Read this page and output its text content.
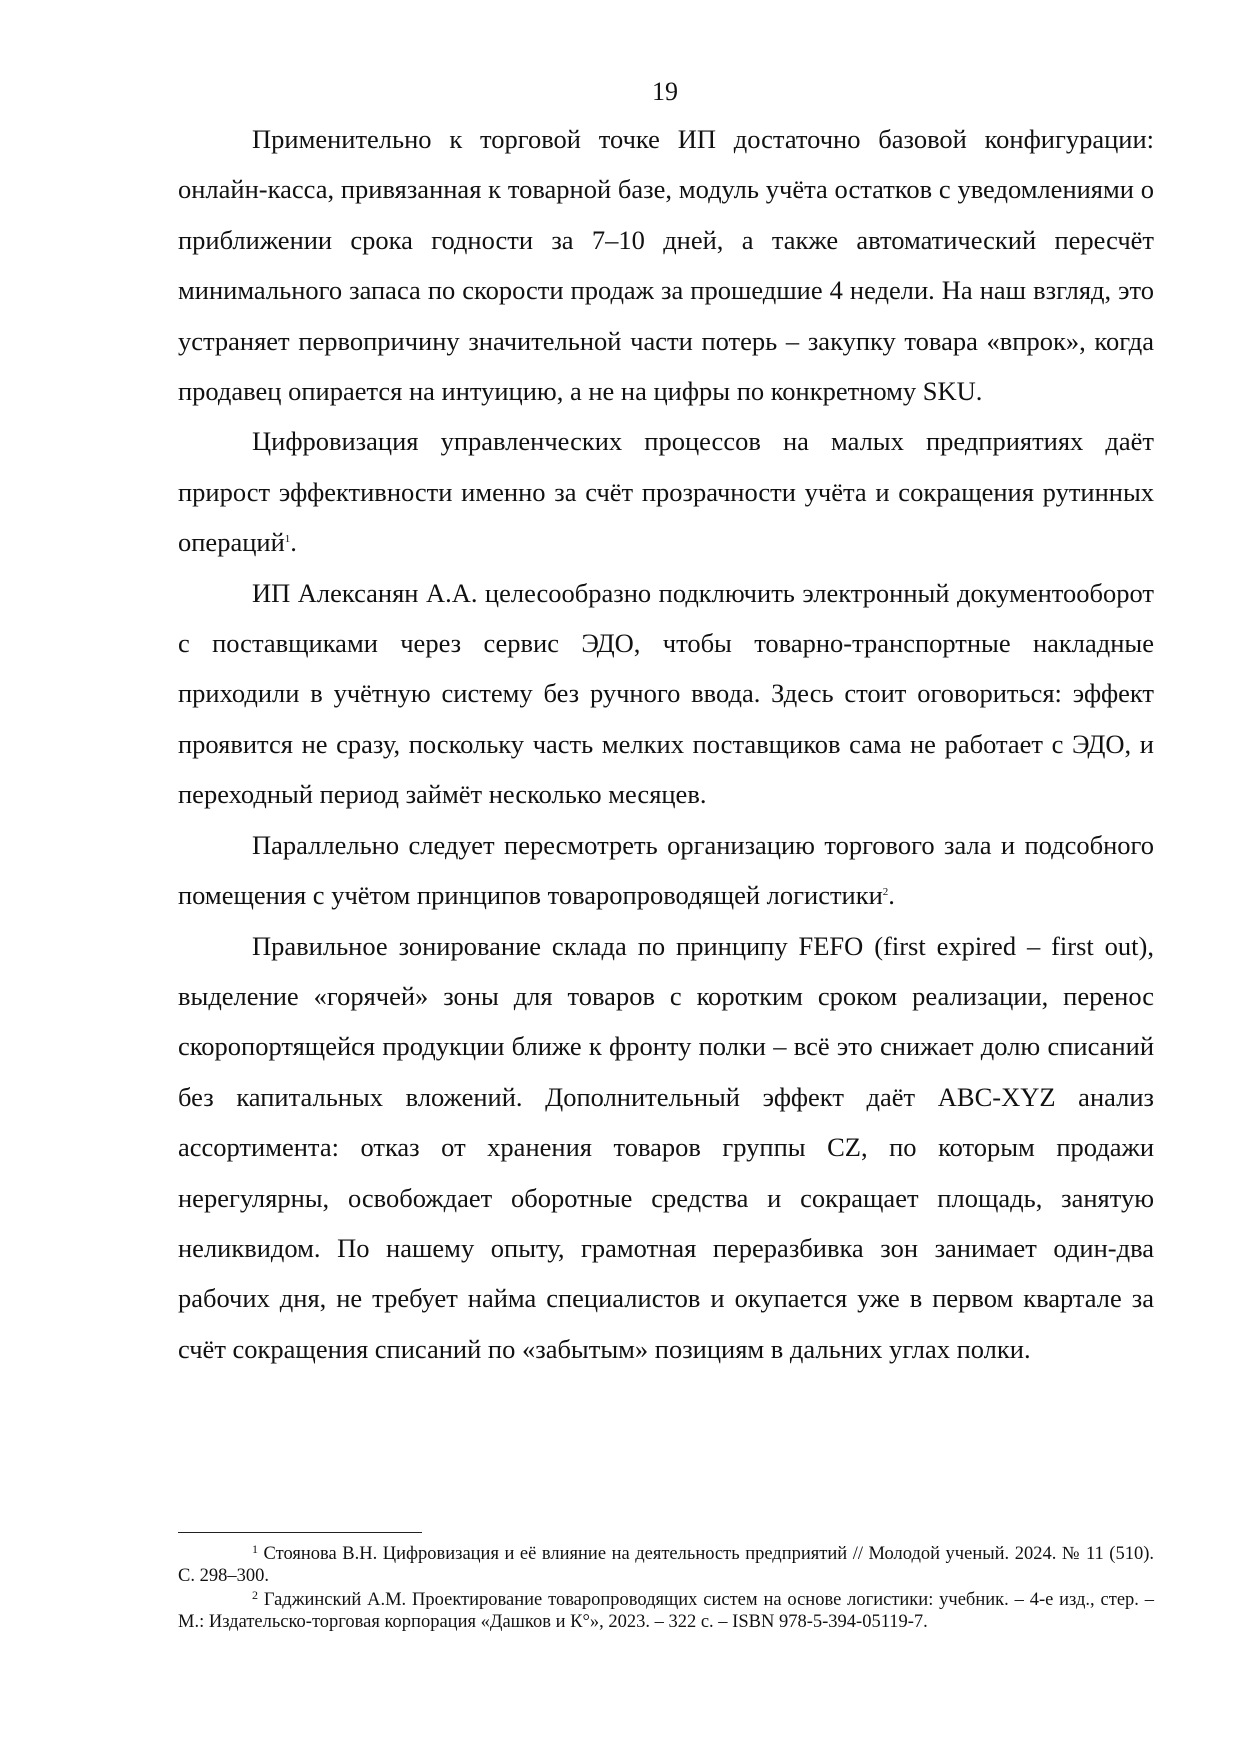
19

Применительно к торговой точке ИП достаточно базовой конфигурации: онлайн-касса, привязанная к товарной базе, модуль учёта остатков с уведомлениями о приближении срока годности за 7–10 дней, а также автоматический пересчёт минимального запаса по скорости продаж за прошедшие 4 недели. На наш взгляд, это устраняет первопричину значительной части потерь – закупку товара «впрок», когда продавец опирается на интуицию, а не на цифры по конкретному SKU.

Цифровизация управленческих процессов на малых предприятиях даёт прирост эффективности именно за счёт прозрачности учёта и сокращения рутинных операций$^1$.

ИП Алексанян А.А. целесообразно подключить электронный документооборот с поставщиками через сервис ЭДО, чтобы товарно-транспортные накладные приходили в учётную систему без ручного ввода. Здесь стоит оговориться: эффект проявится не сразу, поскольку часть мелких поставщиков сама не работает с ЭДО, и переходный период займёт несколько месяцев.

Параллельно следует пересмотреть организацию торгового зала и подсобного помещения с учётом принципов товаропроводящей логистики$^2$.

Правильное зонирование склада по принципу FEFO (first expired – first out), выделение «горячей» зоны для товаров с коротким сроком реализации, перенос скоропортящейся продукции ближе к фронту полки – всё это снижает долю списаний без капитальных вложений. Дополнительный эффект даёт ABC-XYZ анализ ассортимента: отказ от хранения товаров группы CZ, по которым продажи нерегулярны, освобождает оборотные средства и сокращает площадь, занятую неликвидом. По нашему опыту, грамотная переразбивка зон занимает один-два рабочих дня, не требует найма специалистов и окупается уже в первом квартале за счёт сокращения списаний по «забытым» позициям в дальних углах полки.

$^1$ Стоянова В.Н. Цифровизация и её влияние на деятельность предприятий // Молодой ученый. 2024. № 11 (510). С. 298–300.

$^2$ Гаджинский А.М. Проектирование товаропроводящих систем на основе логистики: учебник. – 4-е изд., стер. – М.: Издательско-торговая корпорация «Дашков и К°», 2023. – 322 с. – ISBN 978-5-394-05119-7.
